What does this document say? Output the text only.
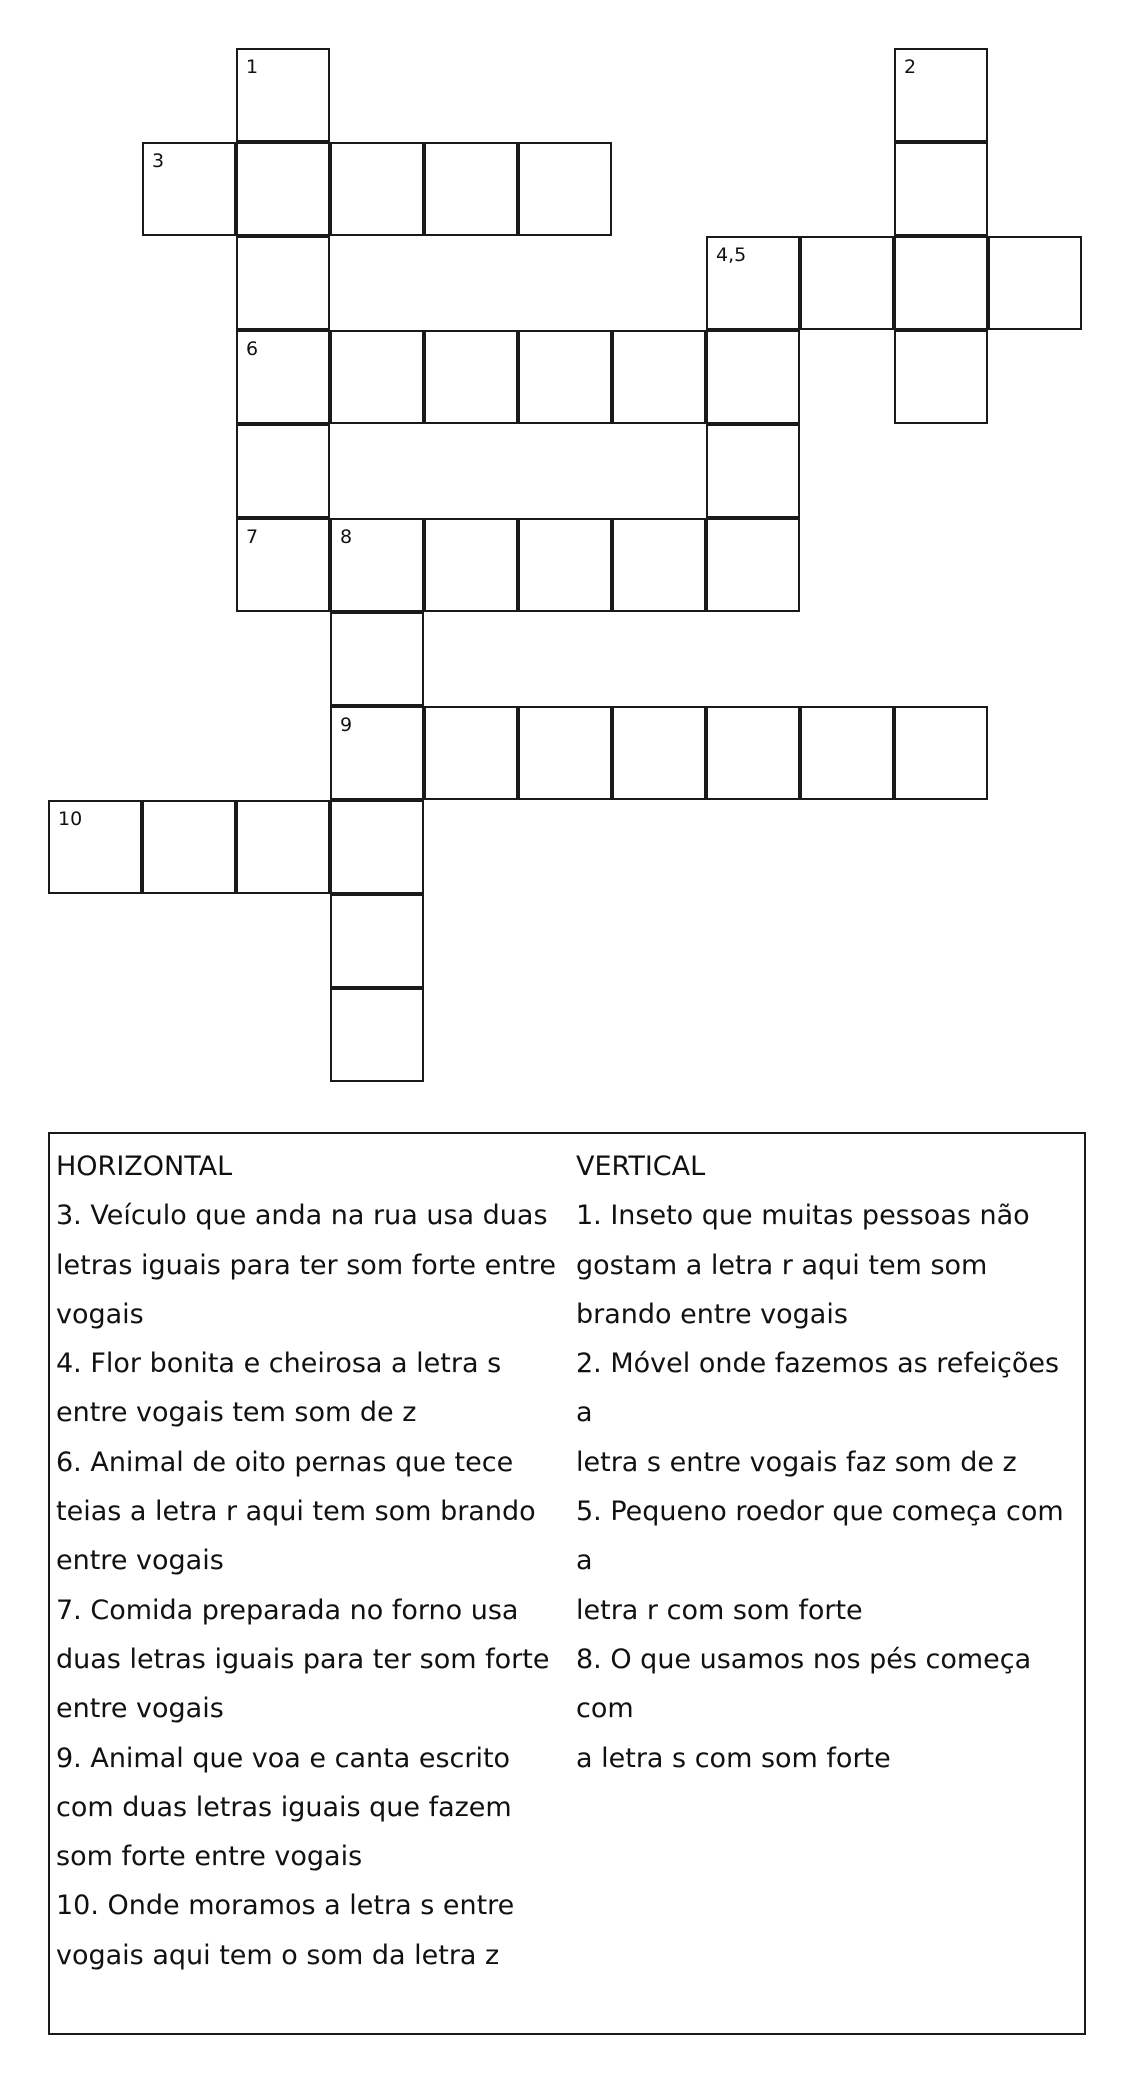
1	2
3
4,5
6
7	8
9
10
HORIZONTAL
3. Veículo que anda na rua usa duas
letras iguais para ter som forte entre
vogais
4. Flor bonita e cheirosa a letra s
entre vogais tem som de z
6. Animal de oito pernas que tece
teias a letra r aqui tem som brando
entre vogais
7. Comida preparada no forno usa
duas letras iguais para ter som forte
entre vogais
9. Animal que voa e canta escrito
com duas letras iguais que fazem
som forte entre vogais
10. Onde moramos a letra s entre
vogais aqui tem o som da letra z
VERTICAL
1. Inseto que muitas pessoas não
gostam a letra r aqui tem som
brando entre vogais
2. Móvel onde fazemos as refeições a
letra s entre vogais faz som de z
5. Pequeno roedor que começa com a
letra r com som forte
8. O que usamos nos pés começa com
a letra s com som forte
